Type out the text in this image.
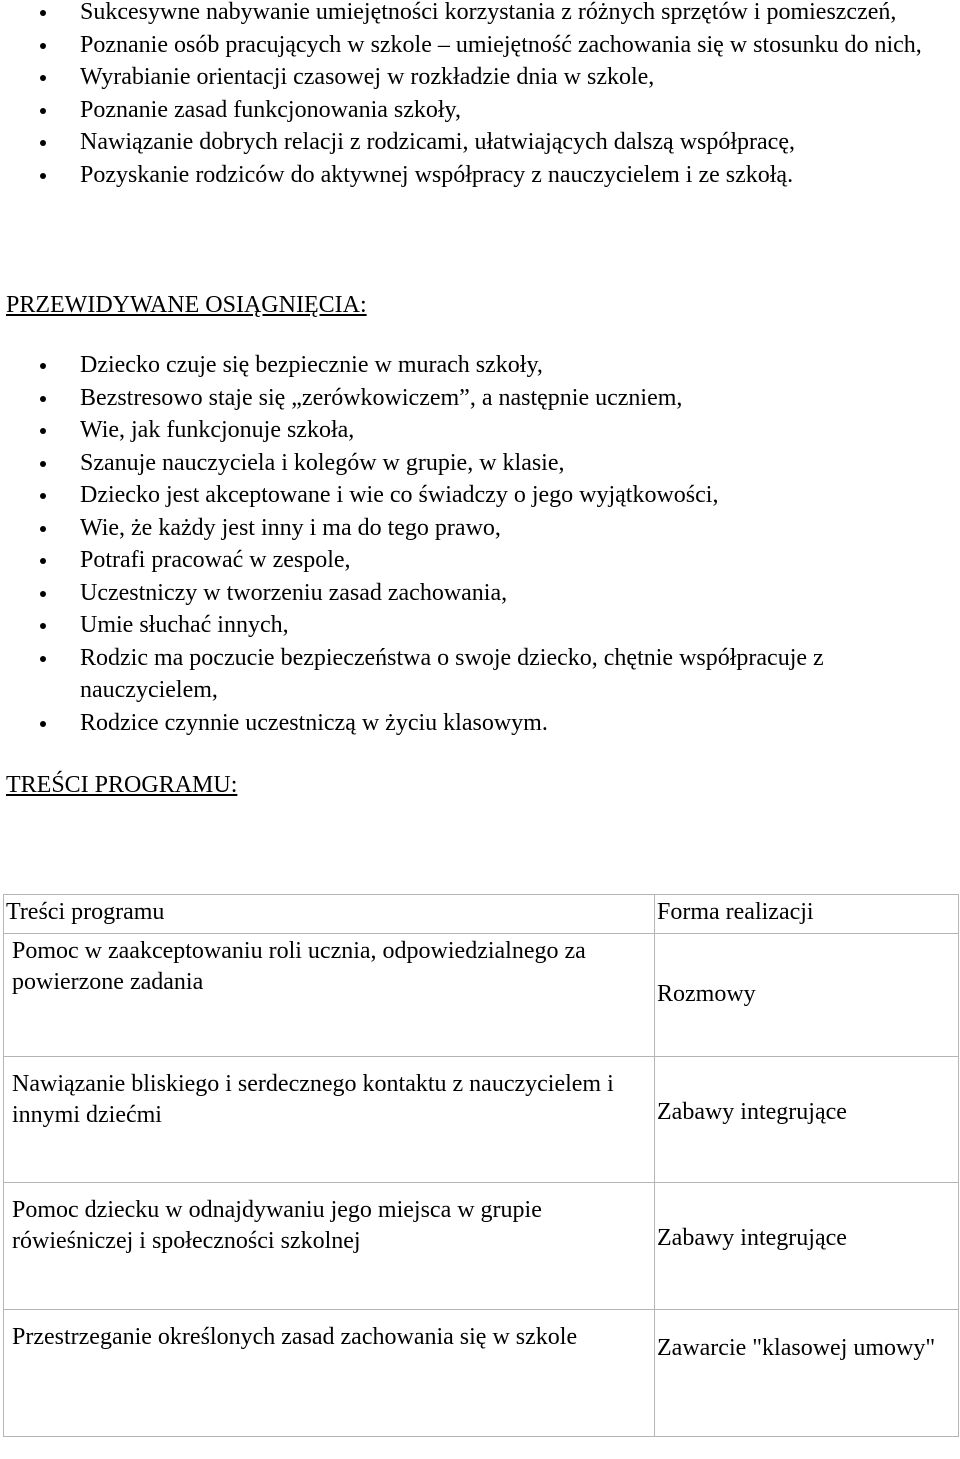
Sukcesywne nabywanie umiejętności korzystania z różnych sprzętów i pomieszczeń,
Poznanie osób pracujących w szkole – umiejętność zachowania się w stosunku do nich,
Wyrabianie orientacji czasowej w rozkładzie dnia w szkole,
Poznanie zasad funkcjonowania szkoły,
Nawiązanie dobrych relacji z rodzicami, ułatwiających dalszą współpracę,
Pozyskanie rodziców do aktywnej współpracy z nauczycielem i ze szkołą.
PRZEWIDYWANE OSIĄGNIĘCIA:
Dziecko czuje się bezpiecznie w murach szkoły,
Bezstresowo staje się „zerówkowiczem”, a następnie uczniem,
Wie, jak funkcjonuje szkoła,
Szanuje nauczyciela i kolegów w grupie, w klasie,
Dziecko jest akceptowane i wie co świadczy o jego wyjątkowości,
Wie, że każdy jest inny i ma do tego prawo,
Potrafi pracować w zespole,
Uczestniczy w tworzeniu zasad zachowania,
Umie słuchać innych,
Rodzic ma poczucie bezpieczeństwa o swoje dziecko, chętnie współpracuje z nauczycielem,
Rodzice czynnie uczestniczą w życiu klasowym.
TREŚCI PROGRAMU:
Treści programu	Forma realizacji

Pomoc w zaakceptowaniu roli ucznia, odpowiedzialnego za powierzone zadania	Rozmowy

Nawiązanie bliskiego i serdecznego kontaktu z nauczycielem i innymi dziećmi	Zabawy integrujące

Pomoc dziecku w odnajdywaniu jego miejsca w grupie rówieśniczej i społeczności szkolnej	Zabawy integrujące

Przestrzeganie określonych zasad zachowania się w szkole	Zawarcie "klasowej umowy"
